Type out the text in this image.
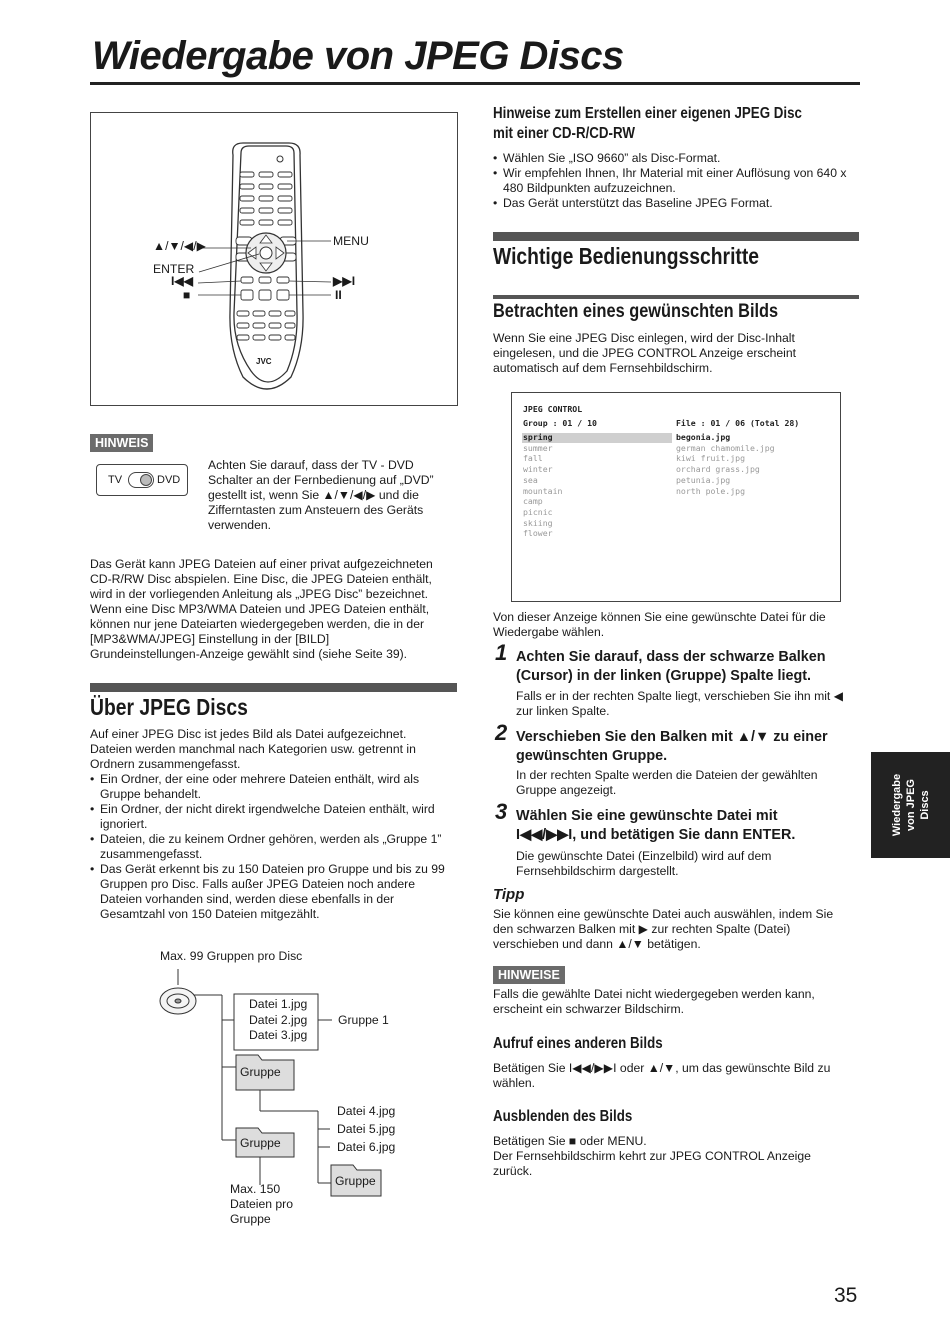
Wiedergabe von JPEG Discs
▲/▼/◀/▶
ENTER
MENU
I◀◀
■
▶▶I
II
JVC
HINWEIS
TV	DVD
Achten Sie darauf, dass der TV - DVD
Schalter an der Fernbedienung auf „DVD”
gestellt ist, wenn Sie ▲/▼/◀/▶ und die
Zifferntasten zum Ansteuern des Geräts
verwenden.
Das Gerät kann JPEG Dateien auf einer privat aufgezeichneten
CD-R/RW Disc abspielen. Eine Disc, die JPEG Dateien enthält,
wird in der vorliegenden Anleitung als „JPEG Disc” bezeichnet.
Wenn eine Disc MP3/WMA Dateien und JPEG Dateien enthält,
können nur jene Dateiarten wiedergegeben werden, die in der
[MP3&WMA/JPEG] Einstellung in der [BILD]
Grundeinstellungen-Anzeige gewählt sind (siehe Seite 39).
Über JPEG Discs
Auf einer JPEG Disc ist jedes Bild als Datei aufgezeichnet.
Dateien werden manchmal nach Kategorien usw. getrennt in
Ordnern zusammengefasst.
• Ein Ordner, der eine oder mehrere Dateien enthält, wird als
Gruppe behandelt.
• Ein Ordner, der nicht direkt irgendwelche Dateien enthält, wird
ignoriert.
• Dateien, die zu keinem Ordner gehören, werden als „Gruppe 1”
zusammengefasst.
• Das Gerät erkennt bis zu 150 Dateien pro Gruppe und bis zu 99
Gruppen pro Disc. Falls außer JPEG Dateien noch andere
Dateien vorhanden sind, werden diese ebenfalls in der
Gesamtzahl von 150 Dateien mitgezählt.
Max. 99 Gruppen pro Disc
Datei 1.jpg
Datei 2.jpg
Datei 3.jpg
Gruppe 1
Gruppe
Datei 4.jpg
Datei 5.jpg
Datei 6.jpg
Gruppe
Gruppe
Max. 150
Dateien pro
Gruppe
Hinweise zum Erstellen einer eigenen JPEG Disc
mit einer CD-R/CD-RW
• Wählen Sie „ISO 9660” als Disc-Format.
• Wir empfehlen Ihnen, Ihr Material mit einer Auflösung von 640 x
480 Bildpunkten aufzuzeichnen.
• Das Gerät unterstützt das Baseline JPEG Format.
Wichtige Bedienungsschritte
Betrachten eines gewünschten Bilds
Wenn Sie eine JPEG Disc einlegen, wird der Disc-Inhalt
eingelesen, und die JPEG CONTROL Anzeige erscheint
automatisch auf dem Fernsehbildschirm.
JPEG CONTROL
Group : 01 / 10	File : 01 / 06 (Total 28)
spring
summer
fall
winter
sea
mountain
camp
picnic
skiing
flower
begonia.jpg
german chamomile.jpg
kiwi fruit.jpg
orchard grass.jpg
petunia.jpg
north pole.jpg
Von dieser Anzeige können Sie eine gewünschte Datei für die
Wiedergabe wählen.
1 Achten Sie darauf, dass der schwarze Balken
(Cursor) in der linken (Gruppe) Spalte liegt.
Falls er in der rechten Spalte liegt, verschieben Sie ihn mit ◀
zur linken Spalte.
2 Verschieben Sie den Balken mit ▲/▼ zu einer
gewünschten Gruppe.
In der rechten Spalte werden die Dateien der gewählten
Gruppe angezeigt.
3 Wählen Sie eine gewünschte Datei mit
I◀◀/▶▶I, und betätigen Sie dann ENTER.
Die gewünschte Datei (Einzelbild) wird auf dem
Fernsehbildschirm dargestellt.
Tipp
Sie können eine gewünschte Datei auch auswählen, indem Sie
den schwarzen Balken mit ▶ zur rechten Spalte (Datei)
verschieben und dann ▲/▼ betätigen.
HINWEISE
Falls die gewählte Datei nicht wiedergegeben werden kann,
erscheint ein schwarzer Bildschirm.
Aufruf eines anderen Bilds
Betätigen Sie I◀◀/▶▶I oder ▲/▼, um das gewünschte Bild zu
wählen.
Ausblenden des Bilds
Betätigen Sie ■ oder MENU.
Der Fernsehbildschirm kehrt zur JPEG CONTROL Anzeige
zurück.
Wiedergabe von JPEG Discs
35
